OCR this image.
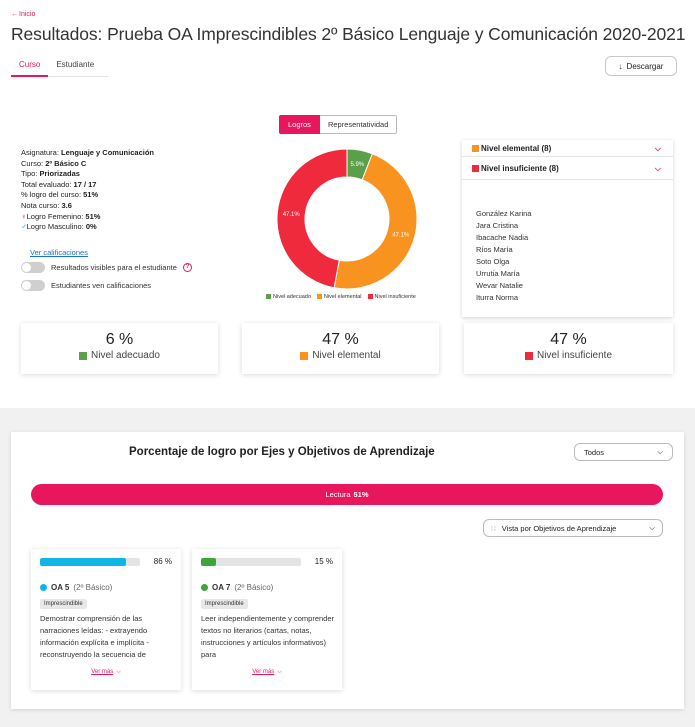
← Inicio
Resultados: Prueba OA Imprescindibles 2º Básico Lenguaje y Comunicación 2020-2021
Curso	Estudiante	↓ Descargar
Logros	Representatividad
Asignatura: Lenguaje y Comunicación
Curso: 2º Básico C
Tipo: Priorizadas
Total evaluado: 17 / 17
% logro del curso: 51%
Nota curso: 3.6
♀Logro Femenino: 51%
♂Logro Masculino: 0%
Ver calificaciones
Resultados visibles para el estudiante	?
Estudiantes ven calificaciones
5.9%
47.1%
47.1%
Nivel adecuado	Nivel elemental	Nivel insuficiente
Nivel elemental (8)	⌵
Nivel insuficiente (8)	⌵
González Karina
Jara Cristina
Ibacache Nadia
Ríos María
Soto Olga
Urrutia María
Wevar Natalie
Iturra Norma
6 %
Nivel adecuado
47 %
Nivel elemental
47 %
Nivel insuficiente
Porcentaje de logro por Ejes y Objetivos de Aprendizaje	Todos	⌵
Lectura 51%
∷ Vista por Objetivos de Aprendizaje	⌵
86 %
OA 5 (2º Básico)
Imprescindible
Demostrar comprensión de las narraciones leídas: - extrayendo información explícita e implícita - reconstruyendo la secuencia de
Ver más ⌵
15 %
OA 7 (2º Básico)
Imprescindible
Leer independientemente y comprender textos no literarios (cartas, notas, instrucciones y artículos informativos) para
Ver más ⌵
